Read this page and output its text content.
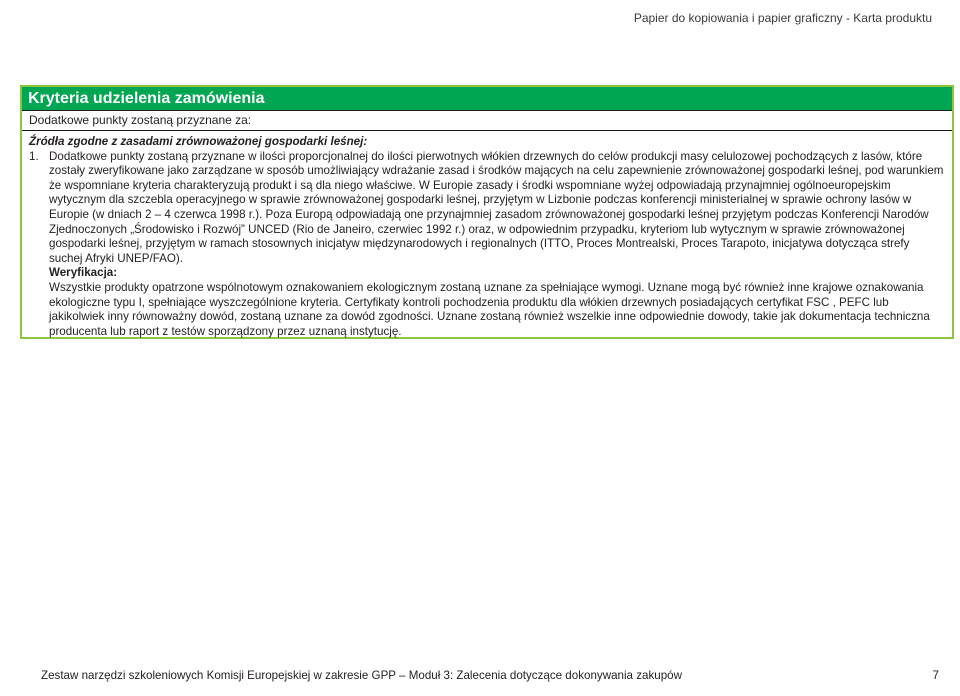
Papier do kopiowania i papier graficzny - Karta produktu
Kryteria udzielenia zamówienia
Dodatkowe punkty zostaną przyznane za:
Źródła zgodne z zasadami zrównoważonej gospodarki leśnej:
1. Dodatkowe punkty zostaną przyznane w ilości proporcjonalnej do ilości pierwotnych włókien drzewnych do celów produkcji masy celulozowej pochodzących z lasów, które zostały zweryfikowane jako zarządzane w sposób umożliwiający wdrażanie zasad i środków mających na celu zapewnienie zrównoważonej gospodarki leśnej, pod warunkiem że wspomniane kryteria charakteryzują produkt i są dla niego właściwe. W Europie zasady i środki wspomniane wyżej odpowiadają przynajmniej ogólnoeuropejskim wytycznym dla szczebla operacyjnego w sprawie zrównoważonej gospodarki leśnej, przyjętym w Lizbonie podczas konferencji ministerialnej w sprawie ochrony lasów w Europie (w dniach 2 – 4 czerwca 1998 r.). Poza Europą odpowiadają one przynajmniej zasadom zrównoważonej gospodarki leśnej przyjętym podczas Konferencji Narodów Zjednoczonych „Środowisko i Rozwój” UNCED (Rio de Janeiro, czerwiec 1992 r.) oraz, w odpowiednim przypadku, kryteriom lub wytycznym w sprawie zrównoważonej gospodarki leśnej, przyjętym w ramach stosownych inicjatyw międzynarodowych i regionalnych (ITTO, Proces Montrealski, Proces Tarapoto, inicjatywa dotycząca strefy suchej Afryki UNEP/FAO).
Weryfikacja:
Wszystkie produkty opatrzone wspólnotowym oznakowaniem ekologicznym zostaną uznane za spełniające wymogi. Uznane mogą być również inne krajowe oznakowania ekologiczne typu I, spełniające wyszczególnione kryteria. Certyfikaty kontroli pochodzenia produktu dla włókien drzewnych posiadających certyfikat FSC , PEFC lub jakikolwiek inny równoważny dowód, zostaną uznane za dowód zgodności. Uznane zostaną również wszelkie inne odpowiednie dowody, takie jak dokumentacja techniczna producenta lub raport z testów sporządzony przez uznaną instytucję.
Zestaw narzędzi szkoleniowych Komisji Europejskiej w zakresie GPP – Moduł 3: Zalecenia dotyczące dokonywania zakupów	7
